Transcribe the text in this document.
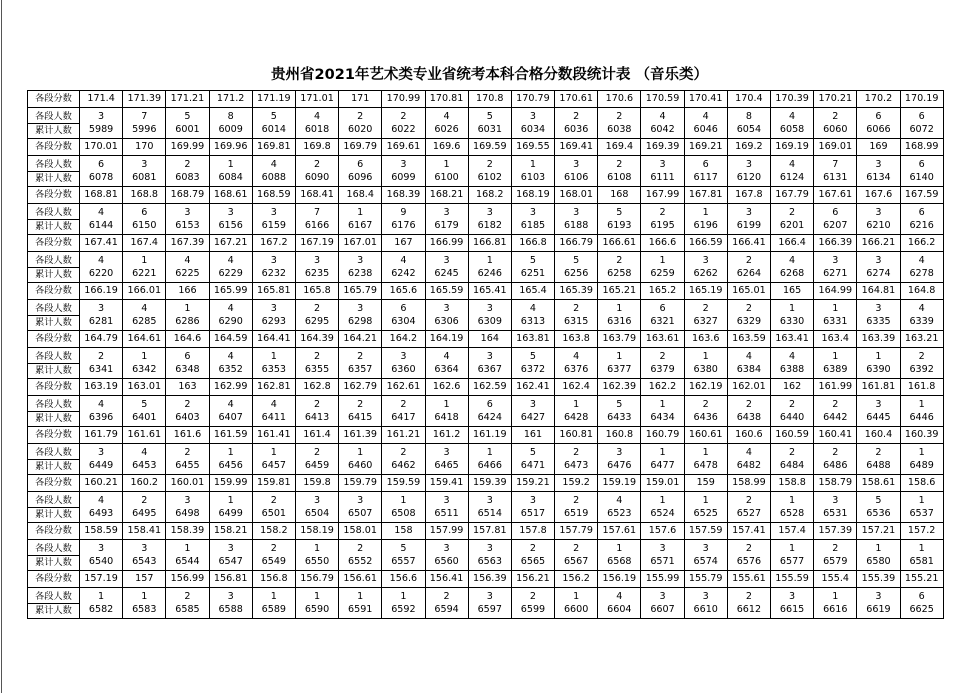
贵州省2021年艺术类专业省统考本科合格分数段统计表 （音乐类）
各段分数	171.4	171.39	171.21	171.2	171.19	171.01	171	170.99	170.81	170.8	170.79	170.61	170.6	170.59	170.41	170.4	170.39	170.21	170.2	170.19
各段人数	3	7	5	8	5	4	2	2	4	5	3	2	2	4	4	8	4	2	6	6
累计人数	5989	5996	6001	6009	6014	6018	6020	6022	6026	6031	6034	6036	6038	6042	6046	6054	6058	6060	6066	6072
各段分数	170.01	170	169.99	169.96	169.81	169.8	169.79	169.61	169.6	169.59	169.55	169.41	169.4	169.39	169.21	169.2	169.19	169.01	169	168.99
各段人数	6	3	2	1	4	2	6	3	1	2	1	3	2	3	6	3	4	7	3	6
累计人数	6078	6081	6083	6084	6088	6090	6096	6099	6100	6102	6103	6106	6108	6111	6117	6120	6124	6131	6134	6140
各段分数	168.81	168.8	168.79	168.61	168.59	168.41	168.4	168.39	168.21	168.2	168.19	168.01	168	167.99	167.81	167.8	167.79	167.61	167.6	167.59
各段人数	4	6	3	3	3	7	1	9	3	3	3	3	5	2	1	3	2	6	3	6
累计人数	6144	6150	6153	6156	6159	6166	6167	6176	6179	6182	6185	6188	6193	6195	6196	6199	6201	6207	6210	6216
各段分数	167.41	167.4	167.39	167.21	167.2	167.19	167.01	167	166.99	166.81	166.8	166.79	166.61	166.6	166.59	166.41	166.4	166.39	166.21	166.2
各段人数	4	1	4	4	3	3	3	4	3	1	5	5	2	1	3	2	4	3	3	4
累计人数	6220	6221	6225	6229	6232	6235	6238	6242	6245	6246	6251	6256	6258	6259	6262	6264	6268	6271	6274	6278
各段分数	166.19	166.01	166	165.99	165.81	165.8	165.79	165.6	165.59	165.41	165.4	165.39	165.21	165.2	165.19	165.01	165	164.99	164.81	164.8
各段人数	3	4	1	4	3	2	3	6	3	3	4	2	1	6	2	2	1	1	3	4
累计人数	6281	6285	6286	6290	6293	6295	6298	6304	6306	6309	6313	6315	6316	6321	6327	6329	6330	6331	6335	6339
各段分数	164.79	164.61	164.6	164.59	164.41	164.39	164.21	164.2	164.19	164	163.81	163.8	163.79	163.61	163.6	163.59	163.41	163.4	163.39	163.21
各段人数	2	1	6	4	1	2	2	3	4	3	5	4	1	2	1	4	4	1	1	2
累计人数	6341	6342	6348	6352	6353	6355	6357	6360	6364	6367	6372	6376	6377	6379	6380	6384	6388	6389	6390	6392
各段分数	163.19	163.01	163	162.99	162.81	162.8	162.79	162.61	162.6	162.59	162.41	162.4	162.39	162.2	162.19	162.01	162	161.99	161.81	161.8
各段人数	4	5	2	4	4	2	2	2	1	6	3	1	5	1	2	2	2	2	3	1
累计人数	6396	6401	6403	6407	6411	6413	6415	6417	6418	6424	6427	6428	6433	6434	6436	6438	6440	6442	6445	6446
各段分数	161.79	161.61	161.6	161.59	161.41	161.4	161.39	161.21	161.2	161.19	161	160.81	160.8	160.79	160.61	160.6	160.59	160.41	160.4	160.39
各段人数	3	4	2	1	1	2	1	2	3	1	5	2	3	1	1	4	2	2	2	1
累计人数	6449	6453	6455	6456	6457	6459	6460	6462	6465	6466	6471	6473	6476	6477	6478	6482	6484	6486	6488	6489
各段分数	160.21	160.2	160.01	159.99	159.81	159.8	159.79	159.59	159.41	159.39	159.21	159.2	159.19	159.01	159	158.99	158.8	158.79	158.61	158.6
各段人数	4	2	3	1	2	3	3	1	3	3	3	2	4	1	1	2	1	3	5	1
累计人数	6493	6495	6498	6499	6501	6504	6507	6508	6511	6514	6517	6519	6523	6524	6525	6527	6528	6531	6536	6537
各段分数	158.59	158.41	158.39	158.21	158.2	158.19	158.01	158	157.99	157.81	157.8	157.79	157.61	157.6	157.59	157.41	157.4	157.39	157.21	157.2
各段人数	3	3	1	3	2	1	2	5	3	3	2	2	1	3	3	2	1	2	1	1
累计人数	6540	6543	6544	6547	6549	6550	6552	6557	6560	6563	6565	6567	6568	6571	6574	6576	6577	6579	6580	6581
各段分数	157.19	157	156.99	156.81	156.8	156.79	156.61	156.6	156.41	156.39	156.21	156.2	156.19	155.99	155.79	155.61	155.59	155.4	155.39	155.21
各段人数	1	1	2	3	1	1	1	1	2	3	2	1	4	3	3	2	3	1	3	6
累计人数	6582	6583	6585	6588	6589	6590	6591	6592	6594	6597	6599	6600	6604	6607	6610	6612	6615	6616	6619	6625
